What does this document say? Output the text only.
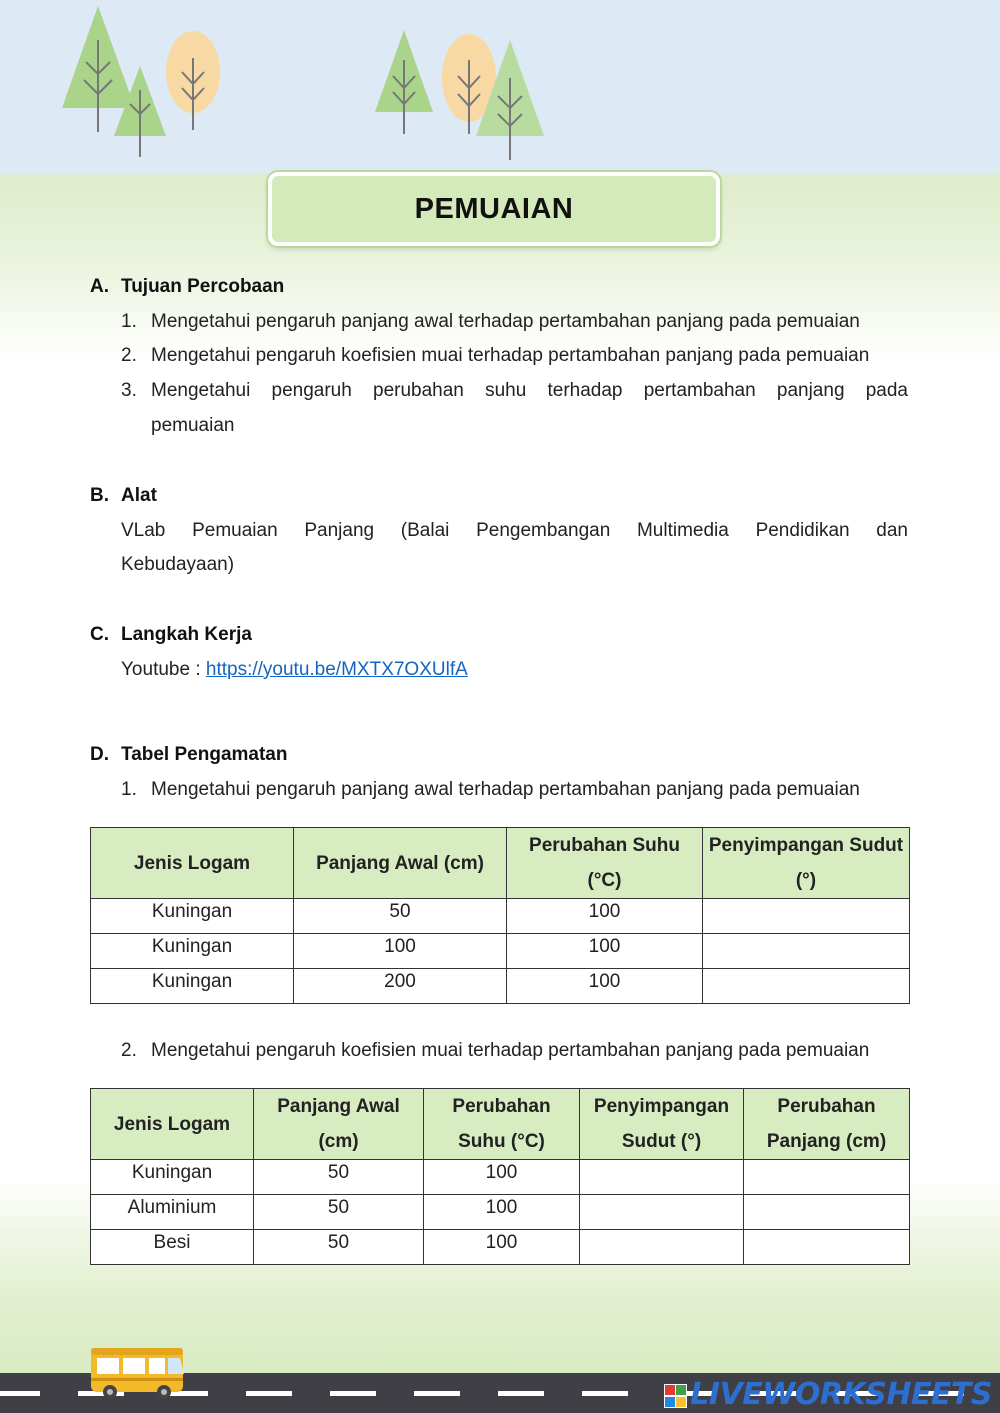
PEMUAIAN
A. Tujuan Percobaan
1. Mengetahui pengaruh panjang awal terhadap pertambahan panjang pada pemuaian
2. Mengetahui pengaruh koefisien muai terhadap pertambahan panjang pada pemuaian
3. Mengetahui pengaruh perubahan suhu terhadap pertambahan panjang pada
pemuaian
B. Alat
VLab Pemuaian Panjang (Balai Pengembangan Multimedia Pendidikan dan
Kebudayaan)
C. Langkah Kerja
Youtube : https://youtu.be/MXTX7OXUlfA
D. Tabel Pengamatan
1. Mengetahui pengaruh panjang awal terhadap pertambahan panjang pada pemuaian
Jenis Logam	Panjang Awal (cm)	Perubahan Suhu (°C)	Penyimpangan Sudut (°)
Kuningan	50	100	
Kuningan	100	100	
Kuningan	200	100	
2. Mengetahui pengaruh koefisien muai terhadap pertambahan panjang pada pemuaian
Jenis Logam	Panjang Awal (cm)	Perubahan Suhu (°C)	Penyimpangan Sudut (°)	Perubahan Panjang (cm)
Kuningan	50	100		
Aluminium	50	100		
Besi	50	100		
LIVEWORKSHEETS
